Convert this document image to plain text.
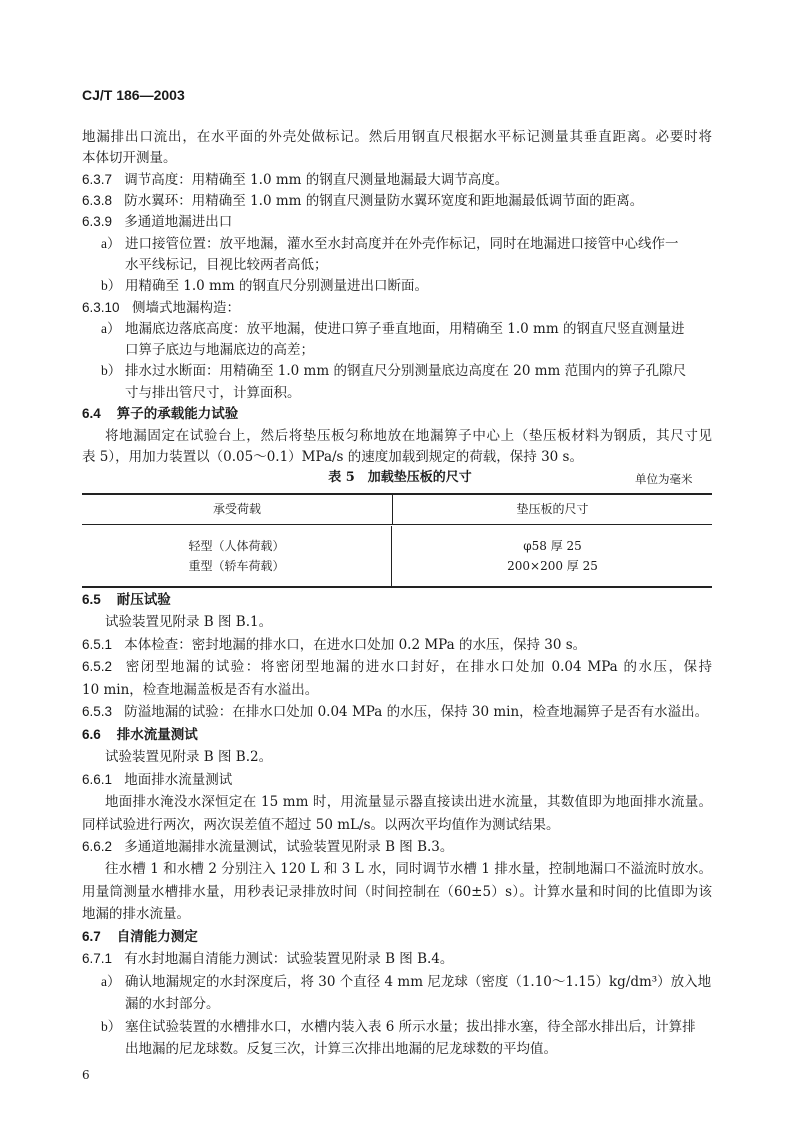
CJ/T 186—2003
地漏排出口流出，在水平面的外壳处做标记。然后用钢直尺根据水平标记测量其垂直距离。必要时将
本体切开测量。
6.3.7 调节高度：用精确至 1.0 mm 的钢直尺测量地漏最大调节高度。
6.3.8 防水翼环：用精确至 1.0 mm 的钢直尺测量防水翼环宽度和距地漏最低调节面的距离。
6.3.9 多通道地漏进出口
a） 进口接管位置：放平地漏，灌水至水封高度并在外壳作标记，同时在地漏进口接管中心线作一
水平线标记，目视比较两者高低；
b） 用精确至 1.0 mm 的钢直尺分别测量进出口断面。
6.3.10 侧墙式地漏构造：
a） 地漏底边落底高度：放平地漏，使进口箅子垂直地面，用精确至 1.0 mm 的钢直尺竖直测量进
口箅子底边与地漏底边的高差；
b） 排水过水断面：用精确至 1.0 mm 的钢直尺分别测量底边高度在 20 mm 范围内的箅子孔隙尺
寸与排出管尺寸，计算面积。
6.4 箅子的承载能力试验
将地漏固定在试验台上，然后将垫压板匀称地放在地漏箅子中心上（垫压板材料为钢质，其尺寸见
表 5），用加力装置以（0.05～0.1）MPa/s 的速度加载到规定的荷载，保持 30 s。
表 5　加载垫压板的尺寸	单位为毫米
承受荷载	垫压板的尺寸
轻型（人体荷载）
重型（轿车荷载）
φ58 厚 25
200×200 厚 25
6.5 耐压试验
试验装置见附录 B 图 B.1。
6.5.1 本体检查：密封地漏的排水口，在进水口处加 0.2 MPa 的水压，保持 30 s。
6.5.2 密闭型地漏的试验：将密闭型地漏的进水口封好，在排水口处加 0.04 MPa 的水压，保持
10 min，检查地漏盖板是否有水溢出。
6.5.3 防溢地漏的试验：在排水口处加 0.04 MPa 的水压，保持 30 min，检查地漏箅子是否有水溢出。
6.6 排水流量测试
试验装置见附录 B 图 B.2。
6.6.1 地面排水流量测试
地面排水淹没水深恒定在 15 mm 时，用流量显示器直接读出进水流量，其数值即为地面排水流量。
同样试验进行两次，两次误差值不超过 50 mL/s。以两次平均值作为测试结果。
6.6.2 多通道地漏排水流量测试，试验装置见附录 B 图 B.3。
往水槽 1 和水槽 2 分别注入 120 L 和 3 L 水，同时调节水槽 1 排水量，控制地漏口不溢流时放水。
用量筒测量水槽排水量，用秒表记录排放时间（时间控制在（60±5）s）。计算水量和时间的比值即为该
地漏的排水流量。
6.7 自清能力测定
6.7.1 有水封地漏自清能力测试：试验装置见附录 B 图 B.4。
a） 确认地漏规定的水封深度后，将 30 个直径 4 mm 尼龙球（密度（1.10～1.15）kg/dm³）放入地
漏的水封部分。
b） 塞住试验装置的水槽排水口，水槽内装入表 6 所示水量；拔出排水塞，待全部水排出后，计算排
出地漏的尼龙球数。反复三次，计算三次排出地漏的尼龙球数的平均值。
6
